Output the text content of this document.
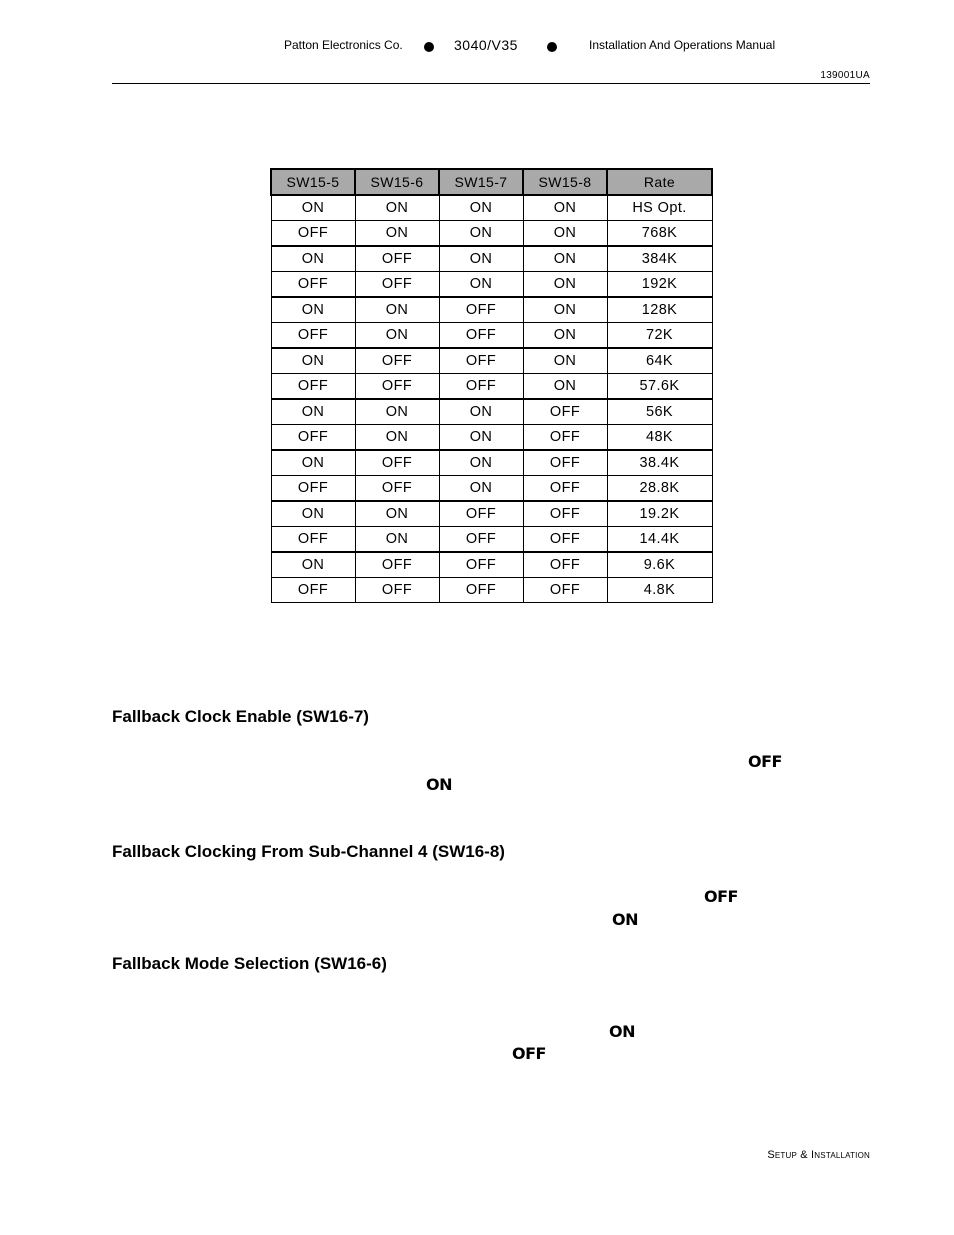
Patton Electronics Co.	3040/V35	Installation And Operations Manual
139001UA
SW15-5	SW15-6	SW15-7	SW15-8	Rate
ON	ON	ON	ON	HS Opt.
OFF	ON	ON	ON	768K
ON	OFF	ON	ON	384K
OFF	OFF	ON	ON	192K
ON	ON	OFF	ON	128K
OFF	ON	OFF	ON	72K
ON	OFF	OFF	ON	64K
OFF	OFF	OFF	ON	57.6K
ON	ON	ON	OFF	56K
OFF	ON	ON	OFF	48K
ON	OFF	ON	OFF	38.4K
OFF	OFF	ON	OFF	28.8K
ON	ON	OFF	OFF	19.2K
OFF	ON	OFF	OFF	14.4K
ON	OFF	OFF	OFF	9.6K
OFF	OFF	OFF	OFF	4.8K
Fallback Clock Enable (SW16-7)
OFF
ON
Fallback Clocking From Sub-Channel 4 (SW16-8)
OFF
ON
Fallback Mode Selection (SW16-6)
ON
OFF
Setup & Installation
